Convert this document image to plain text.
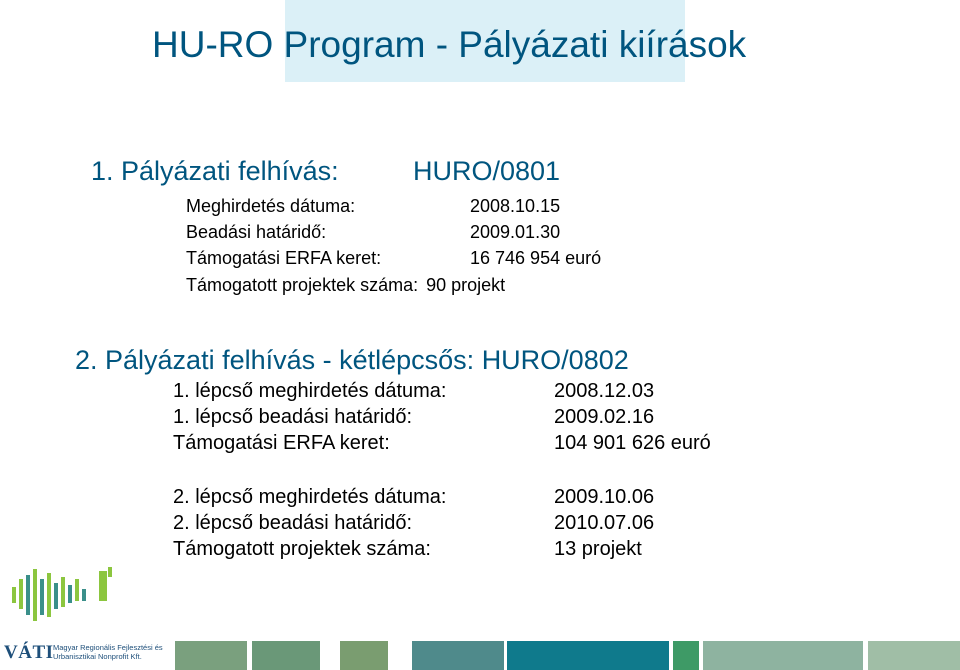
HU-RO Program - Pályázati kiírások
1. Pályázati felhívás:	HURO/0801
Meghirdetés dátuma:	2008.10.15
Beadási határidő:	2009.01.30
Támogatási ERFA keret:	16 746 954 euró
Támogatott projektek száma: 90 projekt
2. Pályázati felhívás - kétlépcsős: HURO/0802
1. lépcső meghirdetés dátuma:	2008.12.03
1. lépcső beadási határidő:	2009.02.16
Támogatási ERFA keret:	104 901 626 euró
2. lépcső meghirdetés dátuma:	2009.10.06
2. lépcső beadási határidő:	2010.07.06
Támogatott projektek száma:	13 projekt
VÁTI Magyar Regionális Fejlesztési és Urbanisztikai Nonprofit Kft.
